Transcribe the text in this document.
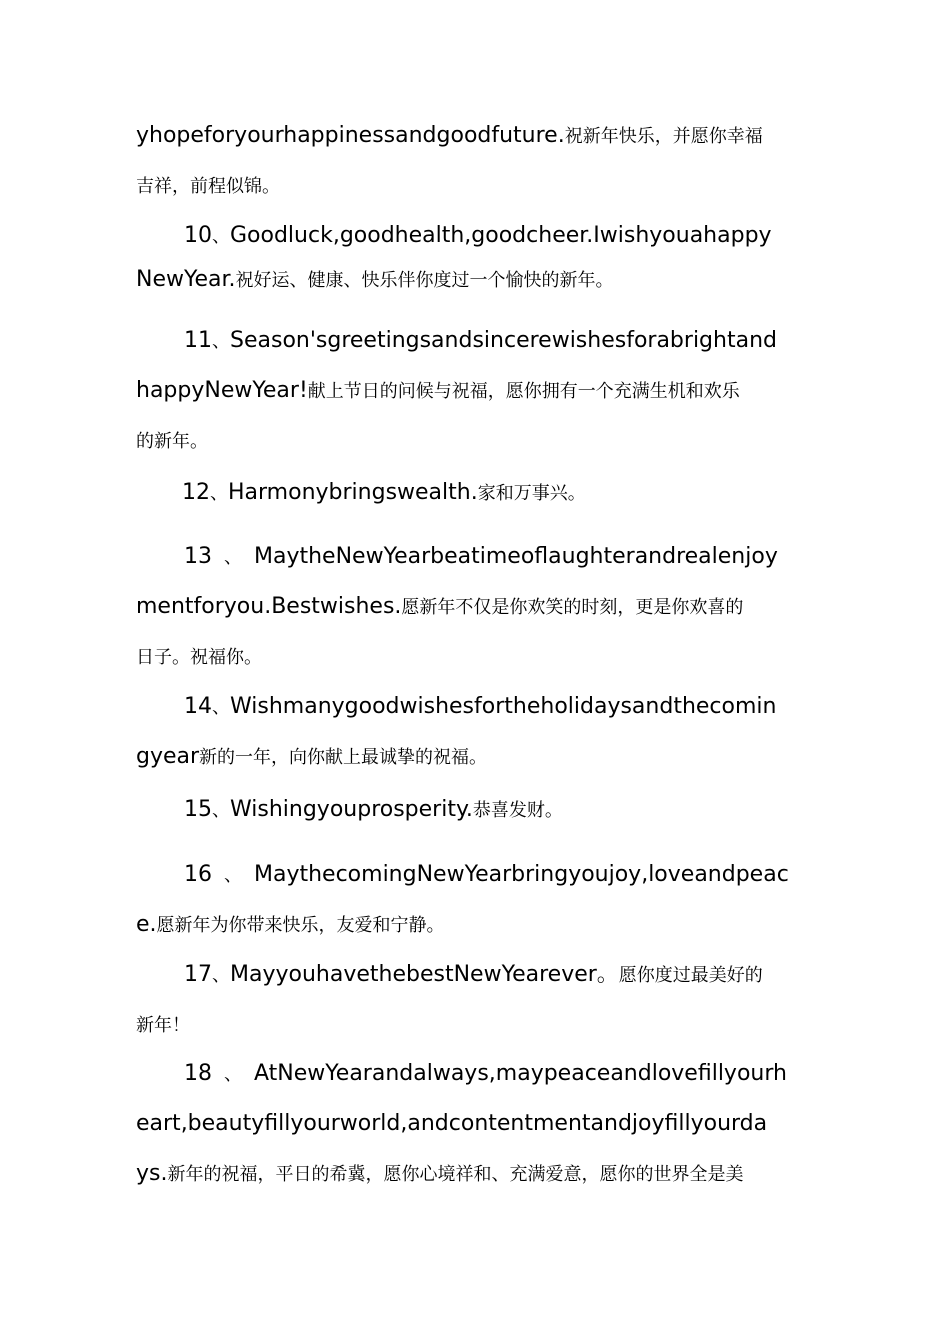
yhopeforyourhappinessandgoodfuture.祝新年快乐，并愿你幸福
吉祥，前程似锦。
10、Goodluck,goodhealth,goodcheer.Iwishyouahappy
NewYear.祝好运、健康、快乐伴你度过一个愉快的新年。
11、Season'sgreetingsandsincerewishesforabrightand
happyNewYear!献上节日的问候与祝福，愿你拥有一个充满生机和欢乐
的新年。
12、Harmonybringswealth.家和万事兴。
13 、 MaytheNewYearbeatimeoflaughterandrealenjoy
mentforyou.Bestwishes.愿新年不仅是你欢笑的时刻，更是你欢喜的
日子。祝福你。
14、Wishmanygoodwishesfortheholidaysandthecomin
gyear新的一年，向你献上最诚挚的祝福。
15、Wishingyouprosperity.恭喜发财。
16 、 MaythecomingNewYearbringyoujoy,loveandpeac
e.愿新年为你带来快乐，友爱和宁静。
17、MayyouhavethebestNewYearever。愿你度过最美好的
新年！
18 、 AtNewYearandalways,maypeaceandlovefillyourh
eart,beautyfillyourworld,andcontentmentandjoyfillyourda
ys.新年的祝福，平日的希冀，愿你心境祥和、充满爱意，愿你的世界全是美
